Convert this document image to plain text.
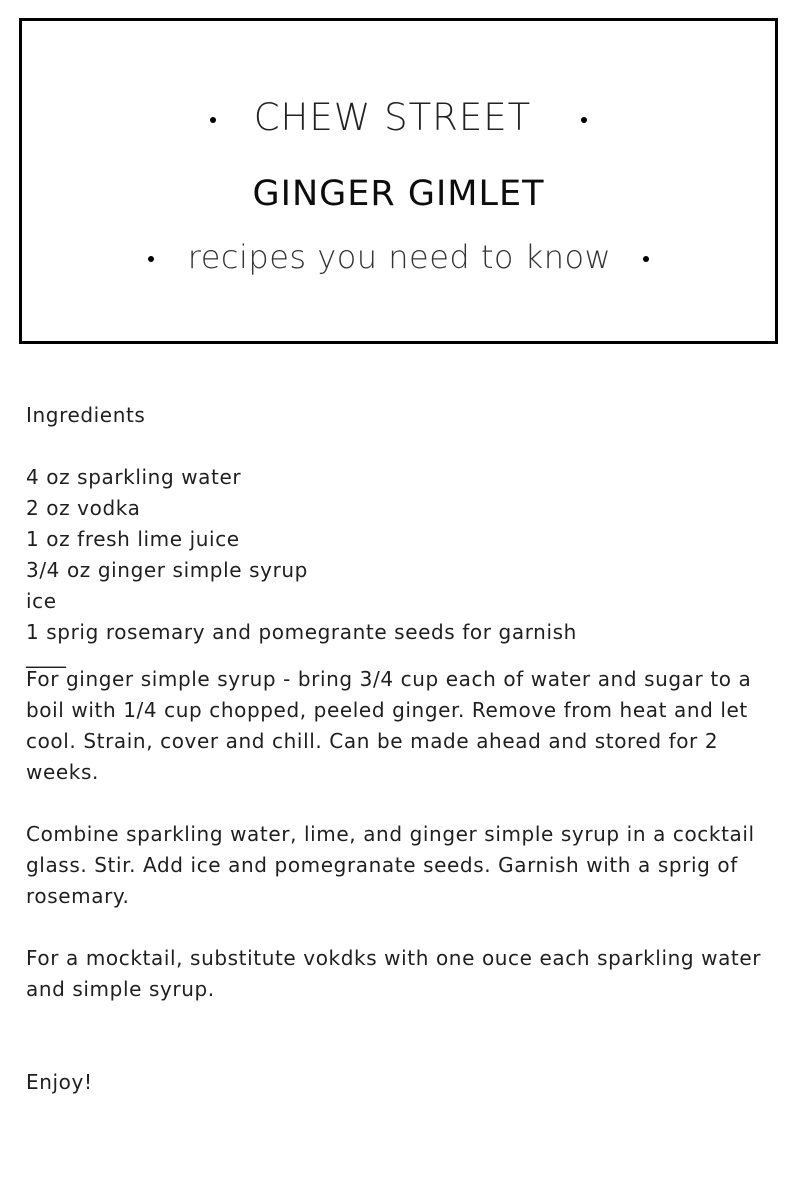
CHEW STREET
GINGER GIMLET
recipes you need to know

Ingredients

4 oz sparkling water

2 oz vodka

1 oz fresh lime juice

3/4 oz ginger simple syrup

ice

1 sprig rosemary and pomegrante seeds for garnish

____

For ginger simple syrup - bring 3/4 cup each of water and sugar to a boil with 1/4 cup chopped, peeled ginger. Remove from heat and let cool. Strain, cover and chill. Can be made ahead and stored for 2 weeks.

Combine sparkling water, lime, and ginger simple syrup in a cocktail glass. Stir. Add ice and pomegranate seeds. Garnish with a sprig of rosemary.

For a mocktail, substitute vokdks with one ouce each sparkling water and simple syrup.

Enjoy!
